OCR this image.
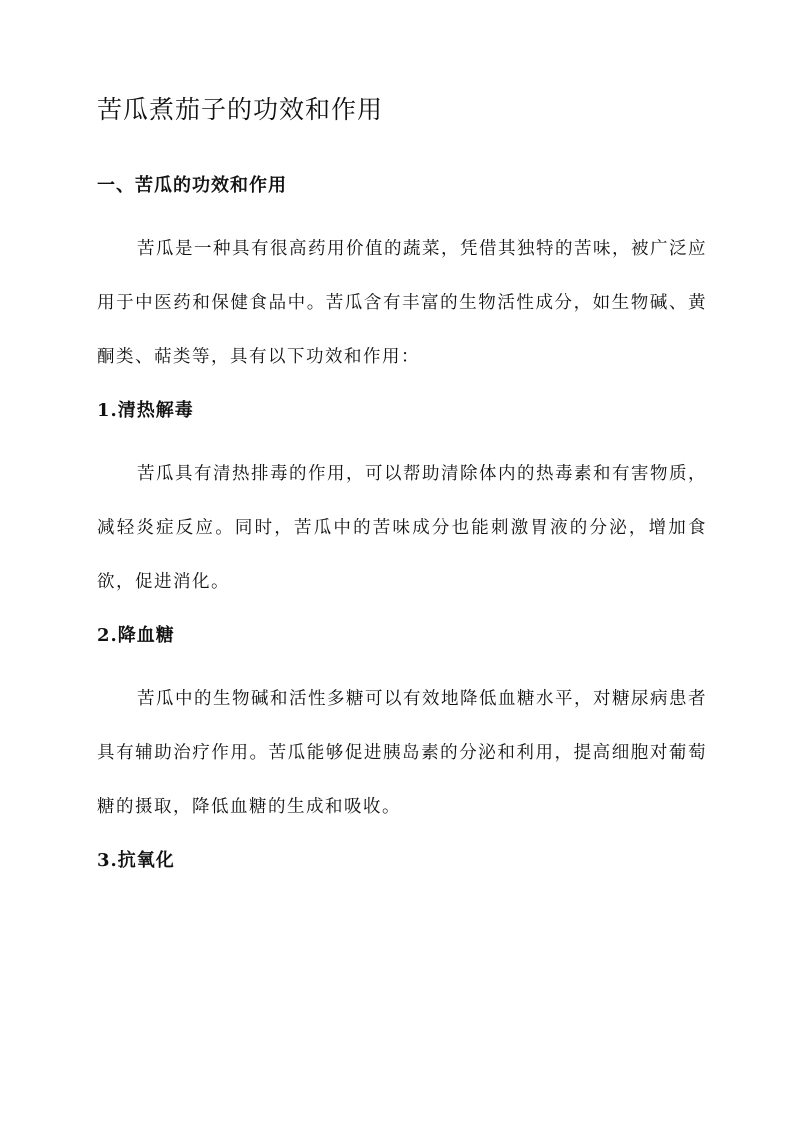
苦瓜煮茄子的功效和作用
一、苦瓜的功效和作用

苦瓜是一种具有很高药用价值的蔬菜，凭借其独特的苦味，被广泛应用于中医药和保健食品中。苦瓜含有丰富的生物活性成分，如生物碱、黄酮类、萜类等，具有以下功效和作用：

1.清热解毒

苦瓜具有清热排毒的作用，可以帮助清除体内的热毒素和有害物质，减轻炎症反应。同时，苦瓜中的苦味成分也能刺激胃液的分泌，增加食欲，促进消化。

2.降血糖

苦瓜中的生物碱和活性多糖可以有效地降低血糖水平，对糖尿病患者具有辅助治疗作用。苦瓜能够促进胰岛素的分泌和利用，提高细胞对葡萄糖的摄取，降低血糖的生成和吸收。

3.抗氧化
